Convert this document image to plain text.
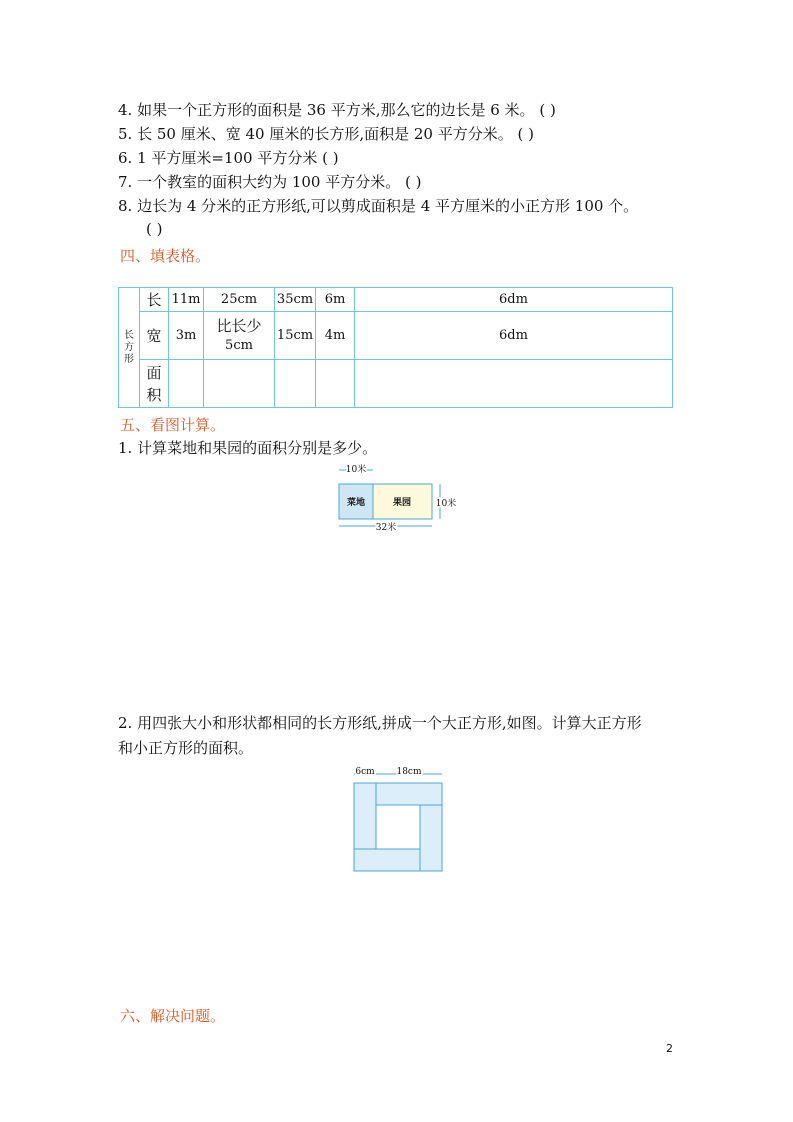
4. 如果一个正方形的面积是 36 平方米,那么它的边长是 6 米。 ( )
5. 长 50 厘米、宽 40 厘米的长方形,面积是 20 平方分米。 ( )
6. 1 平方厘米=100 平方分米 ( )
7. 一个教室的面积大约为 100 平方分米。 ( )
8. 边长为 4 分米的正方形纸,可以剪成面积是 4 平方厘米的小正方形 100 个。
( )
四、填表格。
长
方
形	长	11m	25cm	35cm	6m	6dm
	宽	3m	比长少
5cm	15cm	4m	6dm
	面积					
五、看图计算。
1. 计算菜地和果园的面积分别是多少。
10米
菜地	果园	10米
32米
2. 用四张大小和形状都相同的长方形纸,拼成一个大正方形,如图。计算大正方形
和小正方形的面积。
6cm 18cm
六、解决问题。
2
